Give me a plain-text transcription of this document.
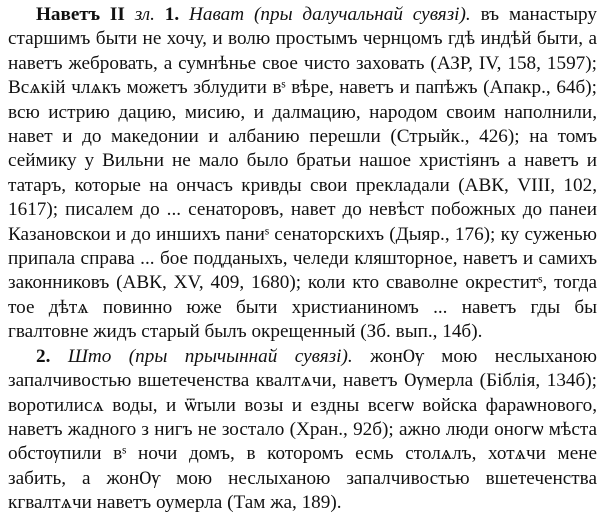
Наветъ II зл. 1. Нават (пры далучальнай сувязі). въ манастыру старшимъ быти не хочу, и волю простымъ чернцомъ гдѣ индѣй быти, а наветъ жебровать, а сумнѣнье свое чисто заховать (АЗР, IV, 158, 1597); Всѧкій члѧкъ можетъ зблудити вˢ вѣре, наветъ и папѣжъ (Апакр., 64б); всю истрию дацию, мисию, и далмацию, народом своим наполнили, навет и до македонии и албанию перешли (Стрыйк., 426); на томъ сеймику у Вильни не мало было братьи нашое христіянъ а наветъ и татаръ, которые на ончасъ кривды свои прекладали (АВК, VIII, 102, 1617); писалем до ... сенаторовъ, навет до невѣст побожных до панеи Казановскои и до иншихъ паниˢ сенаторскихъ (Дыяр., 176); ку суженью припала справа ... бое подданыхъ, челеди кляшторное, наветъ и самихъ законниковъ (АВК, XV, 409, 1680); коли кто сваволне окреститˢ, тогда тое дѣтѧ повинно юже быти христианиномъ ... наветъ гды бы гвалтовне жидъ старый былъ окрещенный (Зб. вып., 14б).

2. Што (пры прычыннай сувязі). жонѸ мою неслыханою запалчивостью вшетеченства квалтѧчи, наветъ Ѹмерла (Біблія, 134б); воротилисѧ воды, и ѿrыли возы и ездны всегѡ войска фараѡнового, наветъ жадного з нигъ не зостало (Хран., 92б); ажно люди оногѡ мѣста обстѹпили вˢ ночи домъ, в которомъ есмь столѧлъ, хотѧчи мене забить, а жонѸ мою неслыханою запалчивостью вшетеченства кгвалтѧчи наветъ оумерла (Там жа, 189).
